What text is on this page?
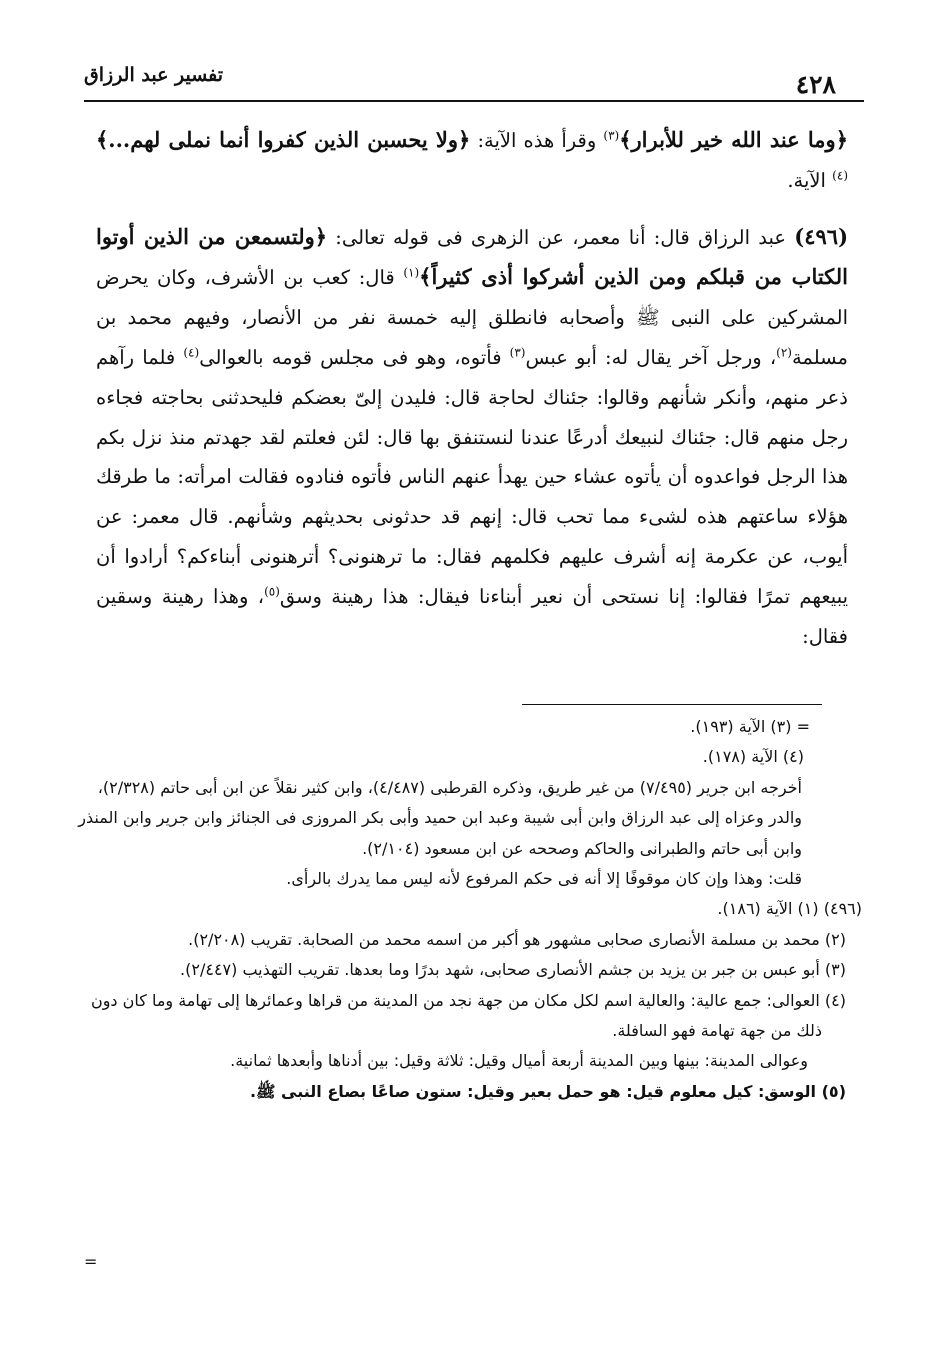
٤٢٨
تفسير عبد الرزاق

﴿وما عند الله خير للأبرار﴾$^{(٣)}$ وقرأ هذه الآية: ﴿ولا يحسبن الذين كفروا أنما نملى لهم...﴾$^{(٤)}$ الآية.

(٤٩٦) عبد الرزاق قال: أنا معمر، عن الزهرى فى قوله تعالى: ﴿ولتسمعن من الذين أوتوا الكتاب من قبلكم ومن الذين أشركوا أذى كثيراً﴾$^{(١)}$ قال: كعب بن الأشرف، وكان يحرض المشركين على النبى ﷺ وأصحابه فانطلق إليه خمسة نفر من الأنصار، وفيهم محمد بن مسلمة$^{(٢)}$، ورجل آخر يقال له: أبو عبس$^{(٣)}$ فأتوه، وهو فى مجلس قومه بالعوالى$^{(٤)}$ فلما رآهم ذعر منهم، وأنكر شأنهم وقالوا: جئناك لحاجة قال: فليدن إلىّ بعضكم فليحدثنى بحاجته فجاءه رجل منهم قال: جئناك لنبيعك أدرعًا عندنا لنستنفق بها قال: لئن فعلتم لقد جهدتم منذ نزل بكم هذا الرجل فواعدوه أن يأتوه عشاء حين يهدأ عنهم الناس فأتوه فنادوه فقالت امرأته: ما طرقك هؤلاء ساعتهم هذه لشىء مما تحب قال: إنهم قد حدثونى بحديثهم وشأنهم. قال معمر: عن أيوب، عن عكرمة إنه أشرف عليهم فكلمهم فقال: ما ترهنونى؟ أترهنونى أبناءكم؟ أرادوا أن يبيعهم تمرًا فقالوا: إنا نستحى أن نعير أبناءنا فيقال: هذا رهينة وسق$^{(٥)}$، وهذا رهينة وسقين فقال:

= (٣) الآية (١٩٣).

(٤) الآية (١٧٨).

أخرجه ابن جرير (٧/٤٩٥) من غير طريق، وذكره القرطبى (٤/٤٨٧)، وابن كثير نقلاً عن ابن أبى حاتم (٢/٣٢٨)، والدر وعزاه إلى عبد الرزاق وابن أبى شيبة وعبد ابن حميد وأبى بكر المروزى فى الجنائز وابن جرير وابن المنذر وابن أبى حاتم والطبرانى والحاكم وصححه عن ابن مسعود (٢/١٠٤).

قلت: وهذا وإن كان موقوفًا إلا أنه فى حكم المرفوع لأنه ليس مما يدرك بالرأى.

(٤٩٦) (١) الآية (١٨٦).

(٢) محمد بن مسلمة الأنصارى صحابى مشهور هو أكبر من اسمه محمد من الصحابة. تقريب (٢/٢٠٨).

(٣) أبو عبس بن جبر بن يزيد بن جشم الأنصارى صحابى، شهد بدرًا وما بعدها. تقريب التهذيب (٢/٤٤٧).

(٤) العوالى: جمع عالية: والعالية اسم لكل مكان من جهة نجد من المدينة من قراها وعمائرها إلى تهامة وما كان دون ذلك من جهة تهامة فهو السافلة.

وعوالى المدينة: بينها وبين المدينة أربعة أميال وقيل: ثلاثة وقيل: بين أدناها وأبعدها ثمانية.

(٥) الوسق: كيل معلوم قيل: هو حمل بعير وقيل: ستون صاعًا بصاع النبى ﷺ.

=
